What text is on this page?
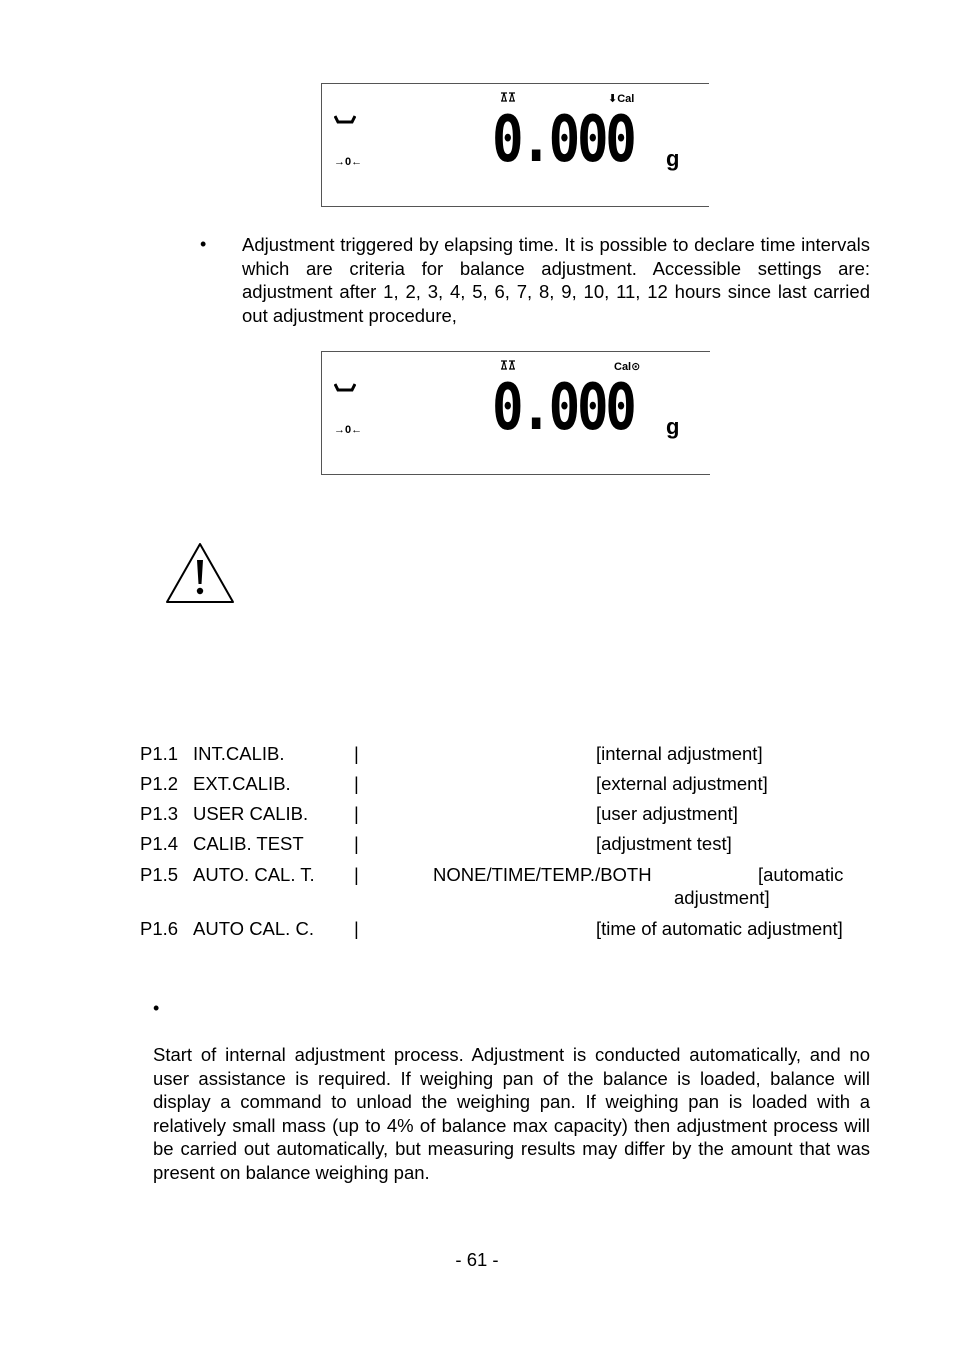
→0←
⬇Cal
0.000 g
• Adjustment triggered by elapsing time. It is possible to declare time intervals which are criteria for balance adjustment. Accessible settings are: adjustment after 1, 2, 3, 4, 5, 6, 7, 8, 9, 10, 11, 12 hours since last carried out adjustment procedure,
→0←
Cal⊙
0.000 g
P1.1 INT.CALIB.	|	[internal adjustment]
P1.2 EXT.CALIB.	|	[external adjustment]
P1.3 USER CALIB. |	[user adjustment]
P1.4 CALIB. TEST	|	[adjustment test]
P1.5 AUTO. CAL. T. |	NONE/TIME/TEMP./BOTH	[automatic
adjustment]
P1.6 AUTO CAL. C. |	[time of automatic adjustment]
•
Start of internal adjustment process. Adjustment is conducted automatically, and no user assistance is required. If weighing pan of the balance is loaded, balance will display a command to unload the weighing pan. If weighing pan is loaded with a relatively small mass (up to 4% of balance max capacity) then adjustment process will be carried out automatically, but measuring results may differ by the amount that was present on balance weighing pan.
- 61 -
